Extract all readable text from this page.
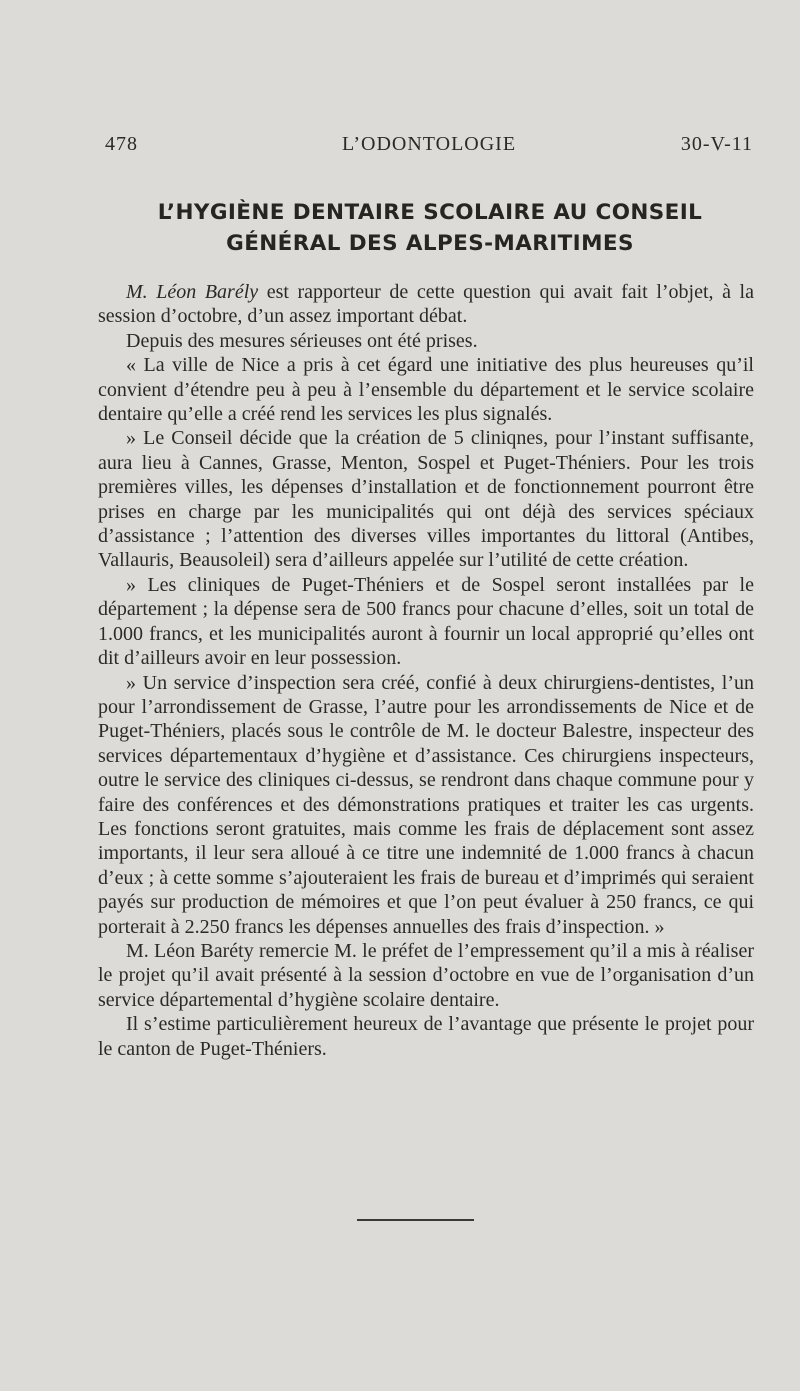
478	L’ODONTOLOGIE	30-V-11
L’HYGIÈNE DENTAIRE SCOLAIRE AU CONSEIL
GÉNÉRAL DES ALPES-MARITIMES

M. Léon Barély est rapporteur de cette question qui avait fait l’objet, à la session d’octobre, d’un assez important débat.

Depuis des mesures sérieuses ont été prises.

« La ville de Nice a pris à cet égard une initiative des plus heureuses qu’il convient d’étendre peu à peu à l’ensemble du département et le service scolaire dentaire qu’elle a créé rend les services les plus signalés.

» Le Conseil décide que la création de 5 cliniqnes, pour l’instant suffisante, aura lieu à Cannes, Grasse, Menton, Sospel et Puget-Théniers. Pour les trois premières villes, les dépenses d’installation et de fonctionnement pourront être prises en charge par les municipalités qui ont déjà des services spéciaux d’assistance ; l’attention des diverses villes importantes du littoral (Antibes, Vallauris, Beausoleil) sera d’ailleurs appelée sur l’utilité de cette création.

» Les cliniques de Puget-Théniers et de Sospel seront installées par le département ; la dépense sera de 500 francs pour chacune d’elles, soit un total de 1.000 francs, et les municipalités auront à fournir un local approprié qu’elles ont dit d’ailleurs avoir en leur possession.

» Un service d’inspection sera créé, confié à deux chirurgiens-dentistes, l’un pour l’arrondissement de Grasse, l’autre pour les arrondissements de Nice et de Puget-Théniers, placés sous le contrôle de M. le docteur Balestre, inspecteur des services départementaux d’hygiène et d’assistance. Ces chirurgiens inspecteurs, outre le service des cliniques ci-dessus, se rendront dans chaque commune pour y faire des conférences et des démonstrations pratiques et traiter les cas urgents. Les fonctions seront gratuites, mais comme les frais de déplacement sont assez importants, il leur sera alloué à ce titre une indemnité de 1.000 francs à chacun d’eux ; à cette somme s’ajouteraient les frais de bureau et d’imprimés qui seraient payés sur production de mémoires et que l’on peut évaluer à 250 francs, ce qui porterait à 2.250 francs les dépenses annuelles des frais d’inspection. »

M. Léon Baréty remercie M. le préfet de l’empressement qu’il a mis à réaliser le projet qu’il avait présenté à la session d’octobre en vue de l’organisation d’un service départemental d’hygiène scolaire dentaire.

Il s’estime particulièrement heureux de l’avantage que présente le projet pour le canton de Puget-Théniers.
